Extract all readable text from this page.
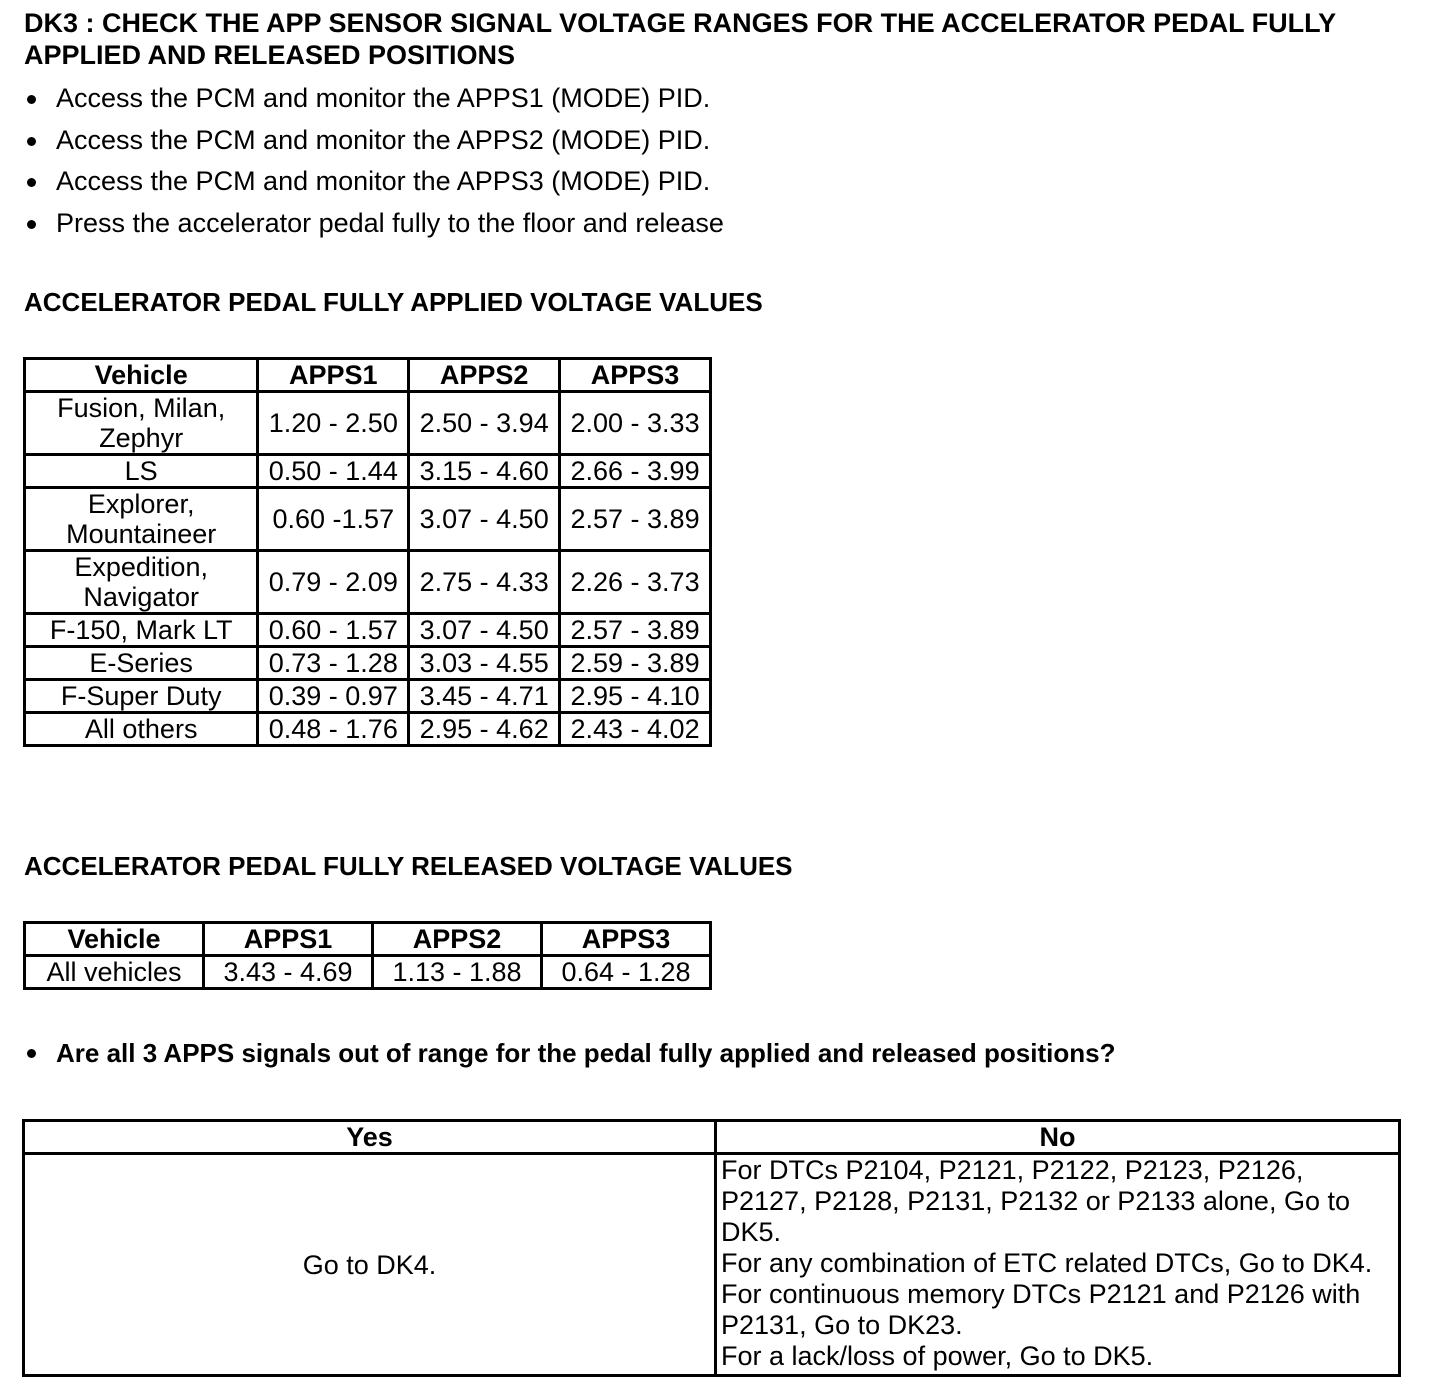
DK3 : CHECK THE APP SENSOR SIGNAL VOLTAGE RANGES FOR THE ACCELERATOR PEDAL FULLY APPLIED AND RELEASED POSITIONS
Access the PCM and monitor the APPS1 (MODE) PID.
Access the PCM and monitor the APPS2 (MODE) PID.
Access the PCM and monitor the APPS3 (MODE) PID.
Press the accelerator pedal fully to the floor and release
ACCELERATOR PEDAL FULLY APPLIED VOLTAGE VALUES
Vehicle	APPS1	APPS2	APPS3
Fusion, Milan, Zephyr	1.20 - 2.50	2.50 - 3.94	2.00 - 3.33
LS	0.50 - 1.44	3.15 - 4.60	2.66 - 3.99
Explorer, Mountaineer	0.60 -1.57	3.07 - 4.50	2.57 - 3.89
Expedition, Navigator	0.79 - 2.09	2.75 - 4.33	2.26 - 3.73
F-150, Mark LT	0.60 - 1.57	3.07 - 4.50	2.57 - 3.89
E-Series	0.73 - 1.28	3.03 - 4.55	2.59 - 3.89
F-Super Duty	0.39 - 0.97	3.45 - 4.71	2.95 - 4.10
All others	0.48 - 1.76	2.95 - 4.62	2.43 - 4.02
ACCELERATOR PEDAL FULLY RELEASED VOLTAGE VALUES
Vehicle	APPS1	APPS2	APPS3
All vehicles	3.43 - 4.69	1.13 - 1.88	0.64 - 1.28
Are all 3 APPS signals out of range for the pedal fully applied and released positions?
Yes	No
Go to DK4.	For DTCs P2104, P2121, P2122, P2123, P2126, P2127, P2128, P2131, P2132 or P2133 alone, Go to DK5.
For any combination of ETC related DTCs, Go to DK4.
For continuous memory DTCs P2121 and P2126 with P2131, Go to DK23.
For a lack/loss of power, Go to DK5.
